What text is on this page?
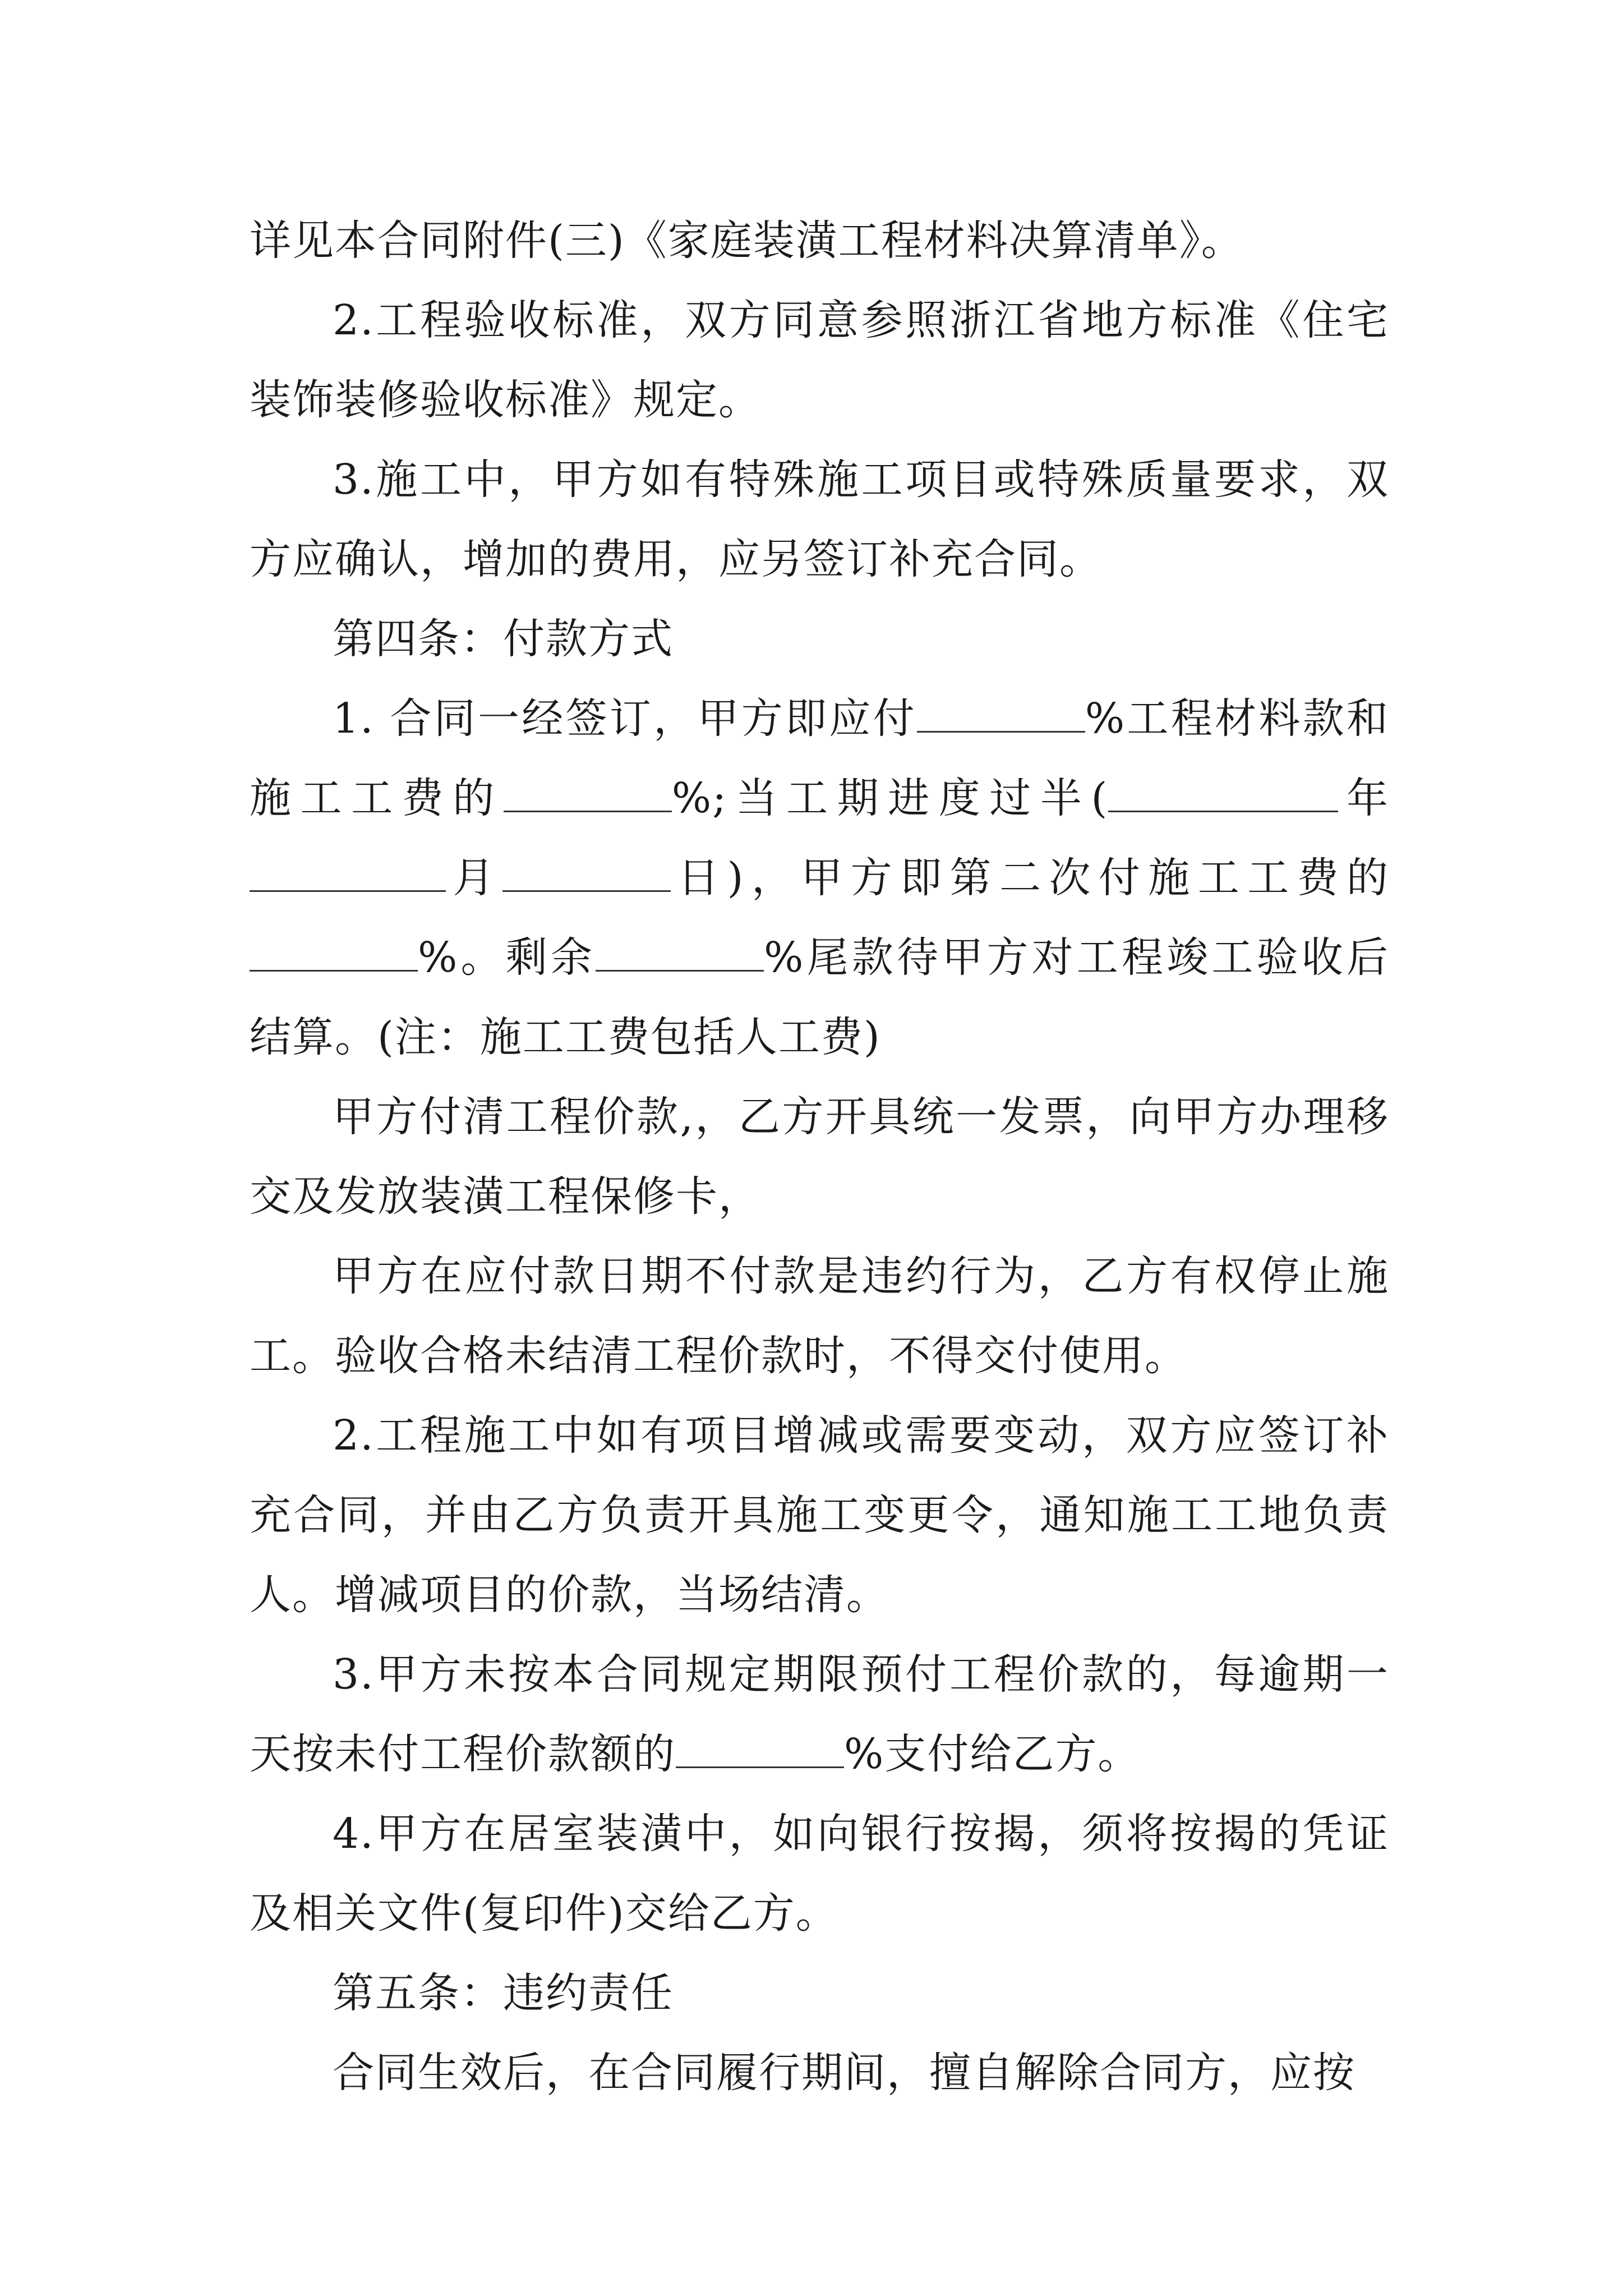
详见本合同附件(三)《家庭装潢工程材料决算清单》。

2.工程验收标准，双方同意参照浙江省地方标准《住宅装饰装修验收标准》规定。

3.施工中，甲方如有特殊施工项目或特殊质量要求，双方应确认，增加的费用，应另签订补充合同。

第四条：付款方式

1. 合同一经签订，甲方即应付	%工程材料款和施工工费的	%;当工期进度过半(	年月	日)，甲方即第二次付施工工费的%。剩余	%尾款待甲方对工程竣工验收后结算。(注：施工工费包括人工费)

甲方付清工程价款,，乙方开具统一发票，向甲方办理移交及发放装潢工程保修卡，

甲方在应付款日期不付款是违约行为，乙方有权停止施工。验收合格未结清工程价款时，不得交付使用。

2.工程施工中如有项目增减或需要变动，双方应签订补充合同，并由乙方负责开具施工变更令，通知施工工地负责人。增减项目的价款，当场结清。

3.甲方未按本合同规定期限预付工程价款的，每逾期一天按未付工程价款额的	%支付给乙方。

4.甲方在居室装潢中，如向银行按揭，须将按揭的凭证及相关文件(复印件)交给乙方。

第五条：违约责任

合同生效后，在合同履行期间，擅自解除合同方，应按
